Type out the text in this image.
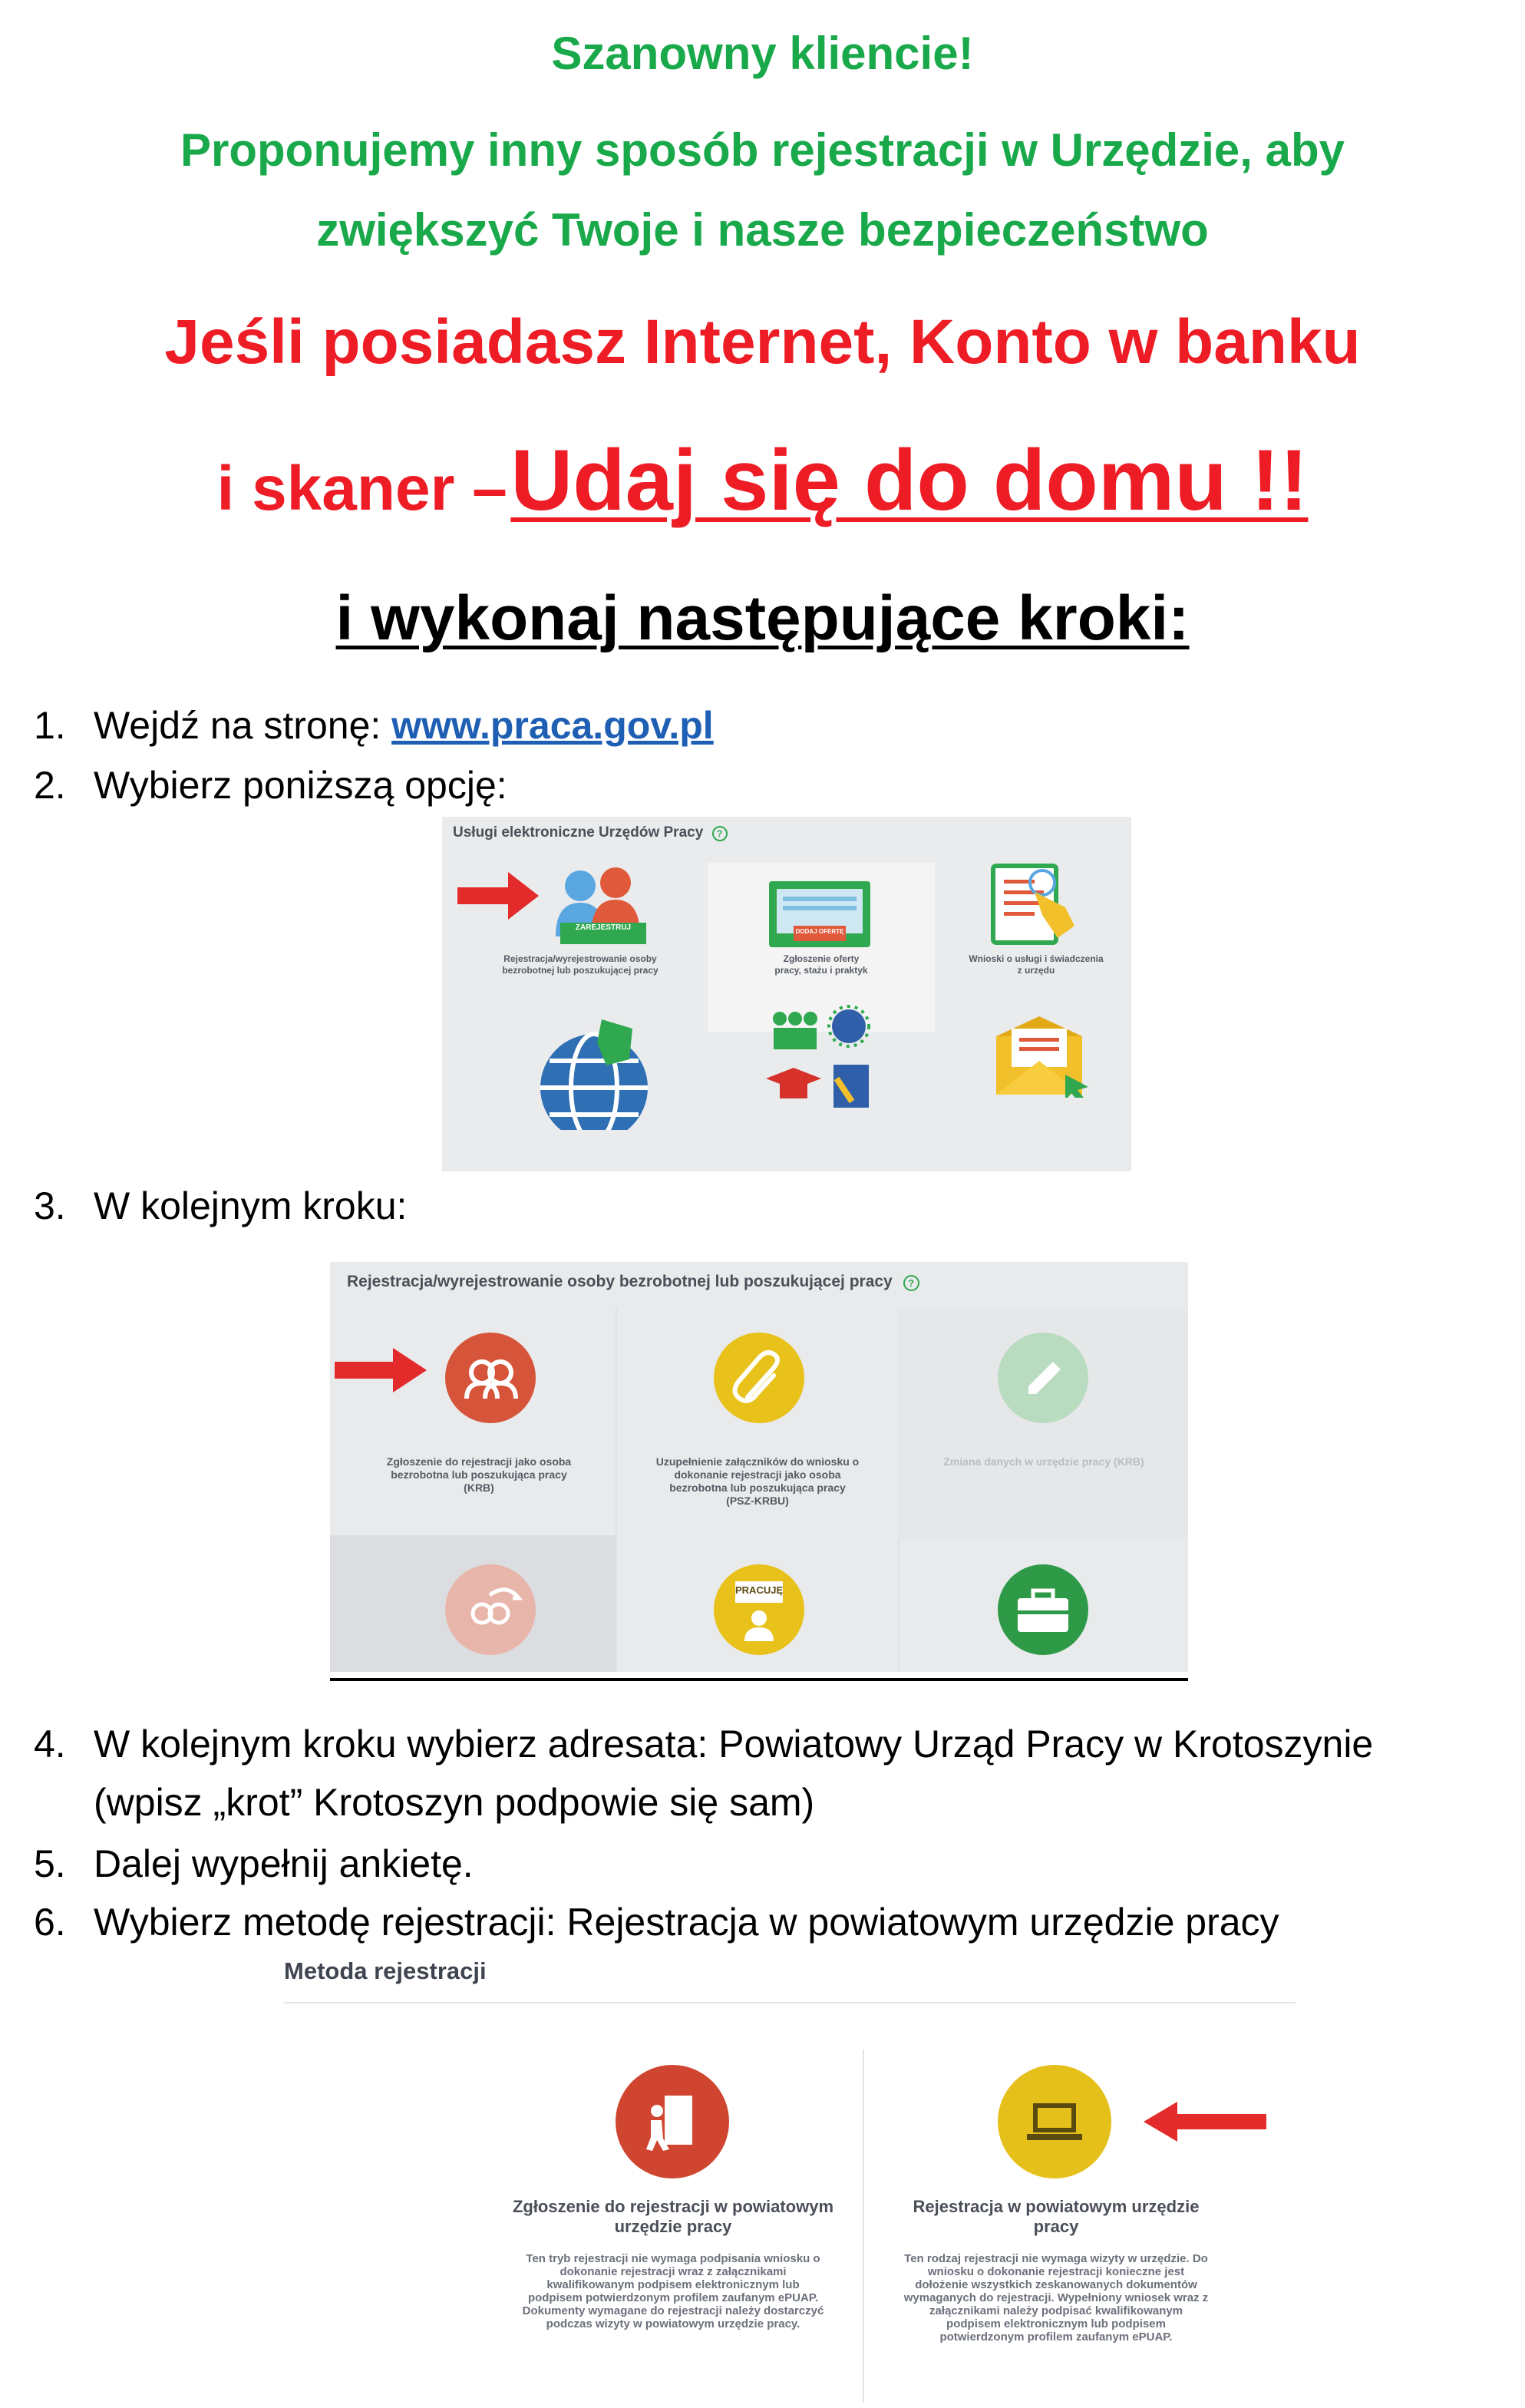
Szanowny kliencie!
Proponujemy inny sposób rejestracji w Urzędzie, aby
zwiększyć Twoje i nasze bezpieczeństwo
Jeśli posiadasz Internet, Konto w banku
i skaner – Udaj się do domu !!
i wykonaj następujące kroki:
1. Wejdź na stronę: www.praca.gov.pl
2. Wybierz poniższą opcję:
Usługi elektroniczne Urzędów Pracy ?
ZAREJESTRUJ
Rejestracja/wyrejestrowanie osoby
bezrobotnej lub poszukującej pracy
DODAJ OFERTĘ
Zgłoszenie oferty
pracy, stażu i praktyk
Wnioski o usługi i świadczenia
z urzędu
3. W kolejnym kroku:
Rejestracja/wyrejestrowanie osoby bezrobotnej lub poszukującej pracy ?
Zgłoszenie do rejestracji jako osoba
bezrobotna lub poszukująca pracy
(KRB)
Uzupełnienie załączników do wniosku o
dokonanie rejestracji jako osoba
bezrobotna lub poszukująca pracy
(PSZ-KRBU)
Zmiana danych w urzędzie pracy (KRB)
PRACUJĘ
4. W kolejnym kroku wybierz adresata: Powiatowy Urząd Pracy w Krotoszynie
(wpisz „krot” Krotoszyn podpowie się sam)
5. Dalej wypełnij ankietę.
6. Wybierz metodę rejestracji: Rejestracja w powiatowym urzędzie pracy
Metoda rejestracji
Zgłoszenie do rejestracji w powiatowym
urzędzie pracy
Ten tryb rejestracji nie wymaga podpisania wniosku o
dokonanie rejestracji wraz z załącznikami
kwalifikowanym podpisem elektronicznym lub
podpisem potwierdzonym profilem zaufanym ePUAP.
Dokumenty wymagane do rejestracji należy dostarczyć
podczas wizyty w powiatowym urzędzie pracy.
Rejestracja w powiatowym urzędzie
pracy
Ten rodzaj rejestracji nie wymaga wizyty w urzędzie. Do
wniosku o dokonanie rejestracji konieczne jest
dołożenie wszystkich zeskanowanych dokumentów
wymaganych do rejestracji. Wypełniony wniosek wraz z
załącznikami należy podpisać kwalifikowanym
podpisem elektronicznym lub podpisem
potwierdzonym profilem zaufanym ePUAP.
